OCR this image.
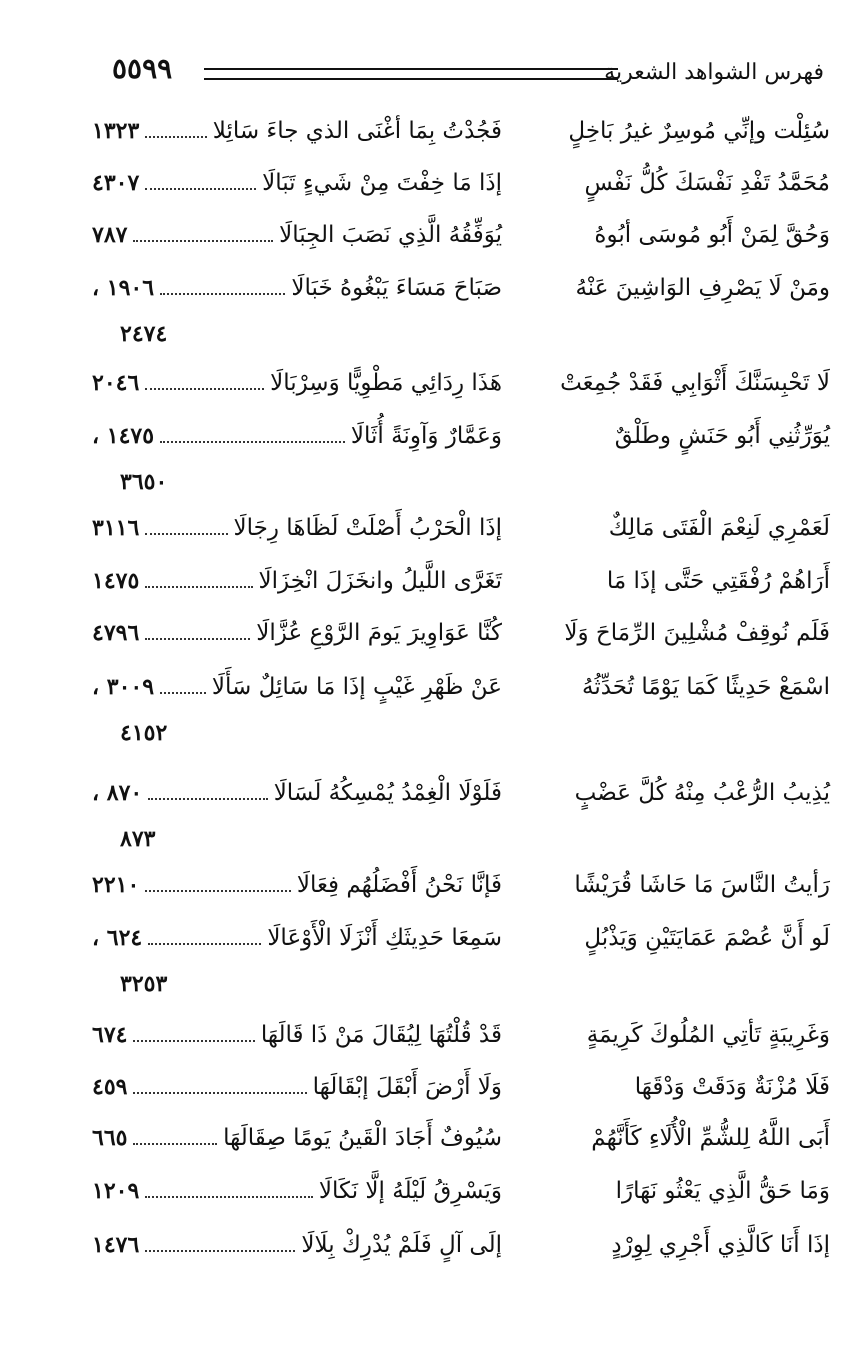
٥٥٩٩	فهرس الشواهد الشعرية
سُئِلْت وإنِّي مُوسِرٌ غيرُ بَاخِلٍ
فَجُدْتُ بِمَا أغْنَى الذي جاءَ سَائِلا
١٣٢٣
مُحَمَّدُ تَفْدِ نَفْسَكَ كُلُّ نَفْسٍ
إذَا مَا خِفْتَ مِنْ شَيءٍ تَبَالَا
٤٣٠٧
وَحُقَّ لِمَنْ أَبُو مُوسَى أبُوهُ
يُوَفِّقُهُ الَّذِي نَصَبَ الجِبَالَا
٧٨٧
ومَنْ لَا يَصْرِفِ الوَاشِينَ عَنْهُ
صَبَاحَ مَسَاءَ يَبْغُوهُ خَبَالَا
١٩٠٦ ،
٢٤٧٤
لَا تَحْبِسَنَّكَ أَثْوَابِي فَقَدْ جُمِعَتْ
هَذَا رِدَائِي مَطْوِيًّا وَسِرْبَالَا
٢٠٤٦
يُوَرِّثُنِي أَبُو حَنَشٍ وطَلْقٌ
وَعَمَّارٌ وَآوِنَةً أُثَالَا
١٤٧٥ ،
٣٦٥٠
لَعَمْرِي لَنِعْمَ الْفَتَى مَالِكٌ
إذَا الْحَرْبُ أَصْلَتْ لَظَاهَا رِجَالَا
٣١١٦
أَرَاهُمْ رُفْقَتِي حَتَّى إذَا مَا
تَغَرَّى اللَّيلُ وانخَزَلَ انْخِزَالَا
١٤٧٥
فَلَم نُوقِفْ مُشْلِينَ الرِّمَاحَ وَلَا
كُنَّا عَوَاوِيرَ يَومَ الرَّوْعِ عُزَّالَا
٤٧٩٦
اسْمَعْ حَدِيثًا كَمَا يَوْمًا تُحَدِّثُهُ
عَنْ ظَهْرِ غَيْبٍ إذَا مَا سَائِلٌ سَأَلَا
٣٠٠٩ ،
٤١٥٢
يُذِيبُ الرُّعْبُ مِنْهُ كُلَّ عَضْبٍ
فَلَوْلَا الْغِمْدُ يُمْسِكُهُ لَسَالَا
٨٧٠ ،
٨٧٣
رَأيتُ النَّاسَ مَا حَاشَا قُرَيْشًا
فَإنَّا نَحْنُ أَفْضَلُهُم فِعَالَا
٢٢١٠
لَو أَنَّ عُصْمَ عَمَايَتَيْنِ وَيَذْبُلٍ
سَمِعَا حَدِيثَكِ أَنْزَلَا الْأَوْعَالَا
٦٢٤ ،
٣٢٥٣
وَغَرِيبَةٍ تَأتِي المُلُوكَ كَرِيمَةٍ
قَدْ قُلْتُهَا لِيُقَالَ مَنْ ذَا قَالَهَا
٦٧٤
فَلَا مُزْنَةٌ وَدَقَتْ وَدْقَهَا
وَلَا أَرْضَ أَبْقَلَ إبْقَالَهَا
٤٥٩
أَبَى اللَّهُ لِلشُّمِّ الْأُلَاءِ كَأَنَّهُمْ
سُيُوفٌ أَجَادَ الْقَينُ يَومًا صِقَالَهَا
٦٦٥
وَمَا حَقُّ الَّذِي يَعْثُو نَهَارًا
وَيَسْرِقُ لَيْلَهُ إلَّا نَكَالَا
١٢٠٩
إذَا أَنَا كَالَّذِي أَجْرِي لِوِرْدٍ
إلَى آلٍ فَلَمْ يُدْرِكْ بِلَالَا
١٤٧٦
